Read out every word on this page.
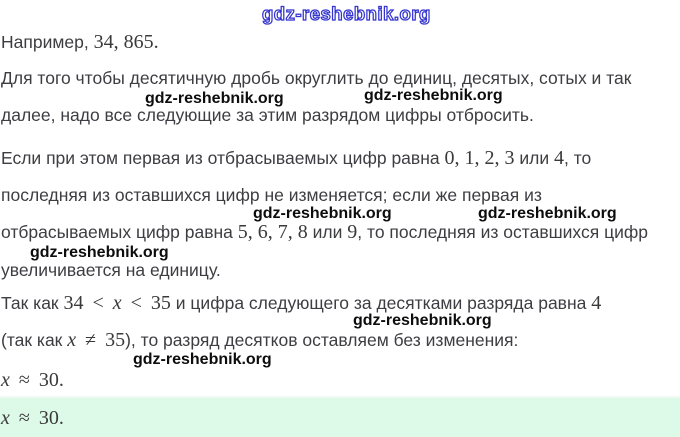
gdz-reshebnik.org
gdz-reshebnik.org	gdz-reshebnik.org
gdz-reshebnik.org	gdz-reshebnik.org
gdz-reshebnik.org
gdz-reshebnik.org
gdz-reshebnik.org
Например, 34, 865.
Для того чтобы десятичную дробь округлить до единиц, десятых, сотых и так
далее, надо все следующие за этим разрядом цифры отбросить.
Если при этом первая из отбрасываемых цифр равна 0, 1, 2, 3 или 4, то
последняя из оставшихся цифр не изменяется; если же первая из
отбрасываемых цифр равна 5, 6, 7, 8 или 9, то последняя из оставшихся цифр
увеличивается на единицу.
Так как 34 < x < 35 и цифра следующего за десятками разряда равна 4
(так как x ≠ 35), то разряд десятков оставляем без изменения:
x ≈ 30.
x ≈ 30.
